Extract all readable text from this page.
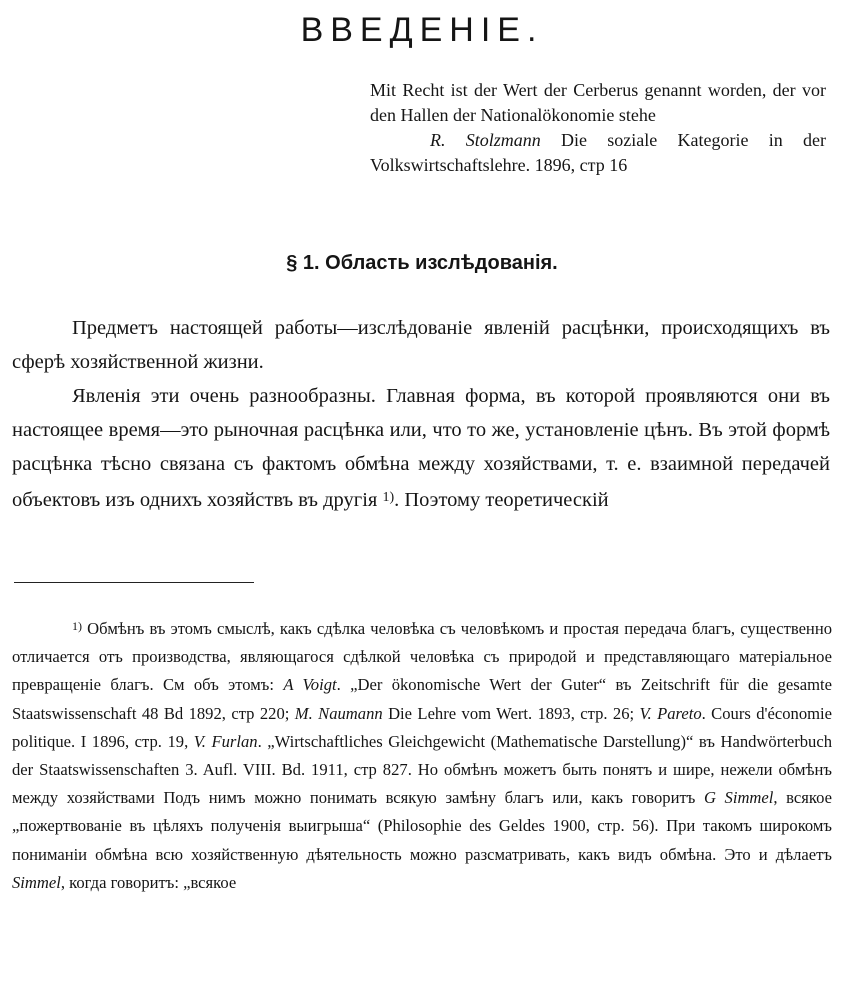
ВВЕДЕНIЕ.

Mit Recht ist der Wert der Cerberus genannt worden, der vor den Hallen der Nationalökonomie stehe

R. Stolzmann Die soziale Kategorie in der Volkswirtschaftslehre. 1896, стр 16

§ 1. Область изслѣдованiя.

Предметъ настоящей работы—изслѣдованiе явленiй расцѣнки, происходящихъ въ сферѣ хозяйственной жизни.

Явленiя эти очень разнообразны. Главная форма, въ которой проявляются они въ настоящее время—это рыночная расцѣнка или, что то же, установленiе цѣнъ. Въ этой формѣ расцѣнка тѣсно связана съ фактомъ обмѣна между хозяйствами, т. е. взаимной передачей объектовъ изъ однихъ хозяйствъ въ другiя $^{1)}$. Поэтому теоретическiй

$^{1)}$ Обмѣнъ въ этомъ смыслѣ, какъ сдѣлка человѣка съ человѣкомъ и простая передача благъ, существенно отличается отъ производства, являющагося сдѣлкой человѣка съ природой и представляющаго матерiальное превращенiе благъ. См объ этомъ: A Voigt. „Der ökonomische Wert der Guter“ въ Zeitschrift für die gesamte Staatswissenschaft 48 Bd 1892, стр 220; M. Naumann Die Lehre vom Wert. 1893, стр. 26; V. Pareto. Cours d'économie politique. I 1896, стр. 19, V. Furlan. „Wirtschaftliches Gleichgewicht (Mathematische Darstellung)“ въ Handwörterbuch der Staatswissenschaften 3. Aufl. VIII. Bd. 1911, стр 827. Но обмѣнъ можетъ быть понятъ и шире, нежели обмѣнъ между хозяйствами Подъ нимъ можно понимать всякую замѣну благъ или, какъ говоритъ G Simmel, всякое „пожертвованiе въ цѣляхъ полученiя выигрыша“ (Philosophie des Geldes 1900, стр. 56). При такомъ широкомъ пониманiи обмѣна всю хозяйственную дѣятельность можно разсматривать, какъ видъ обмѣна. Это и дѣлаетъ Simmel, когда говоритъ: „всякое
